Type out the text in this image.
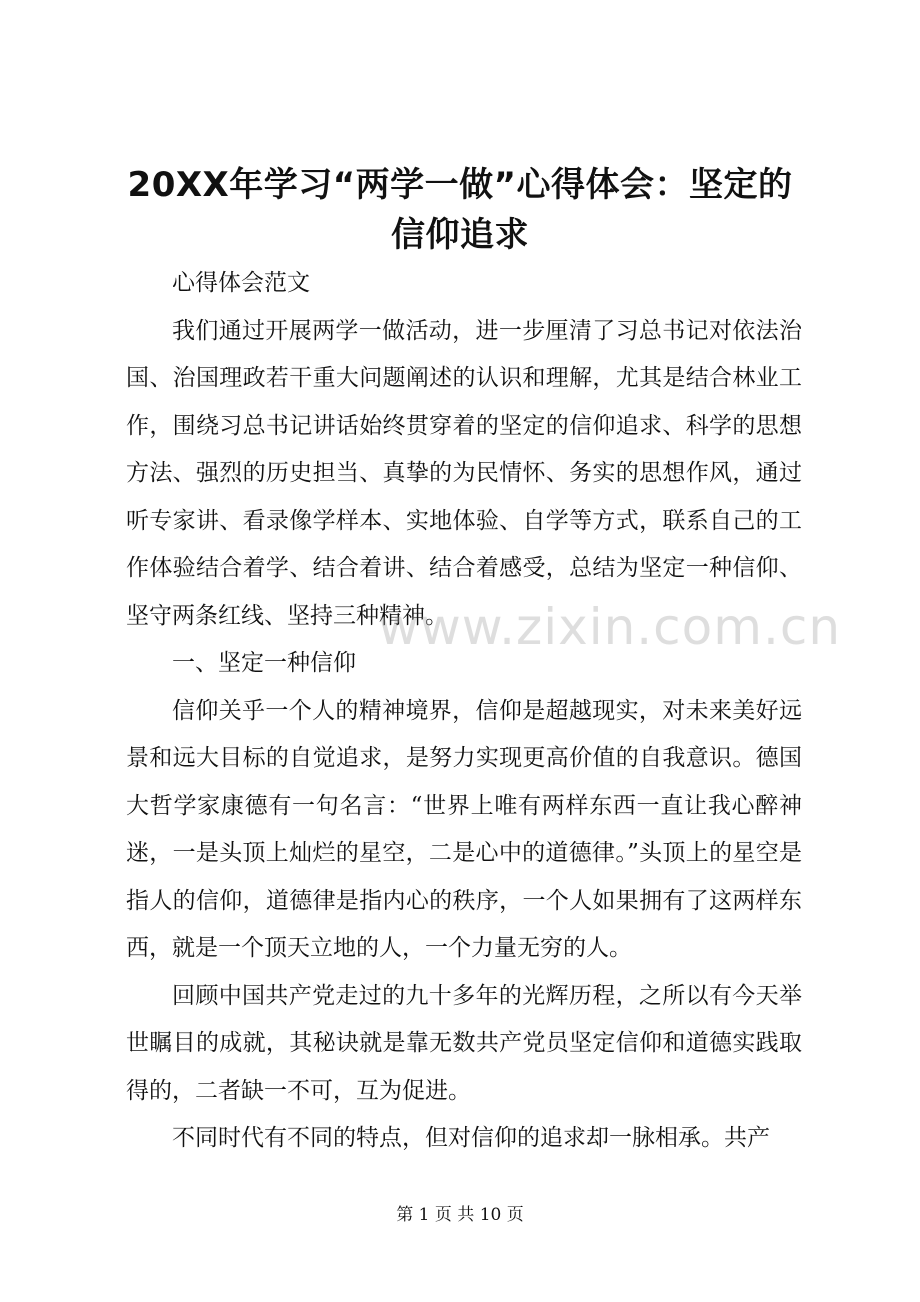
20XX年学习“两学一做”心得体会：坚定的
信仰追求

心得体会范文

我们通过开展两学一做活动，进一步厘清了习总书记对依法治国、治国理政若干重大问题阐述的认识和理解，尤其是结合林业工作，围绕习总书记讲话始终贯穿着的坚定的信仰追求、科学的思想方法、强烈的历史担当、真挚的为民情怀、务实的思想作风，通过听专家讲、看录像学样本、实地体验、自学等方式，联系自己的工作体验结合着学、结合着讲、结合着感受，总结为坚定一种信仰、坚守两条红线、坚持三种精神。

一、坚定一种信仰

信仰关乎一个人的精神境界，信仰是超越现实，对未来美好远景和远大目标的自觉追求，是努力实现更高价值的自我意识。德国大哲学家康德有一句名言：“世界上唯有两样东西一直让我心醉神迷，一是头顶上灿烂的星空，二是心中的道德律。”头顶上的星空是指人的信仰，道德律是指内心的秩序，一个人如果拥有了这两样东西，就是一个顶天立地的人，一个力量无穷的人。

回顾中国共产党走过的九十多年的光辉历程，之所以有今天举世瞩目的成就，其秘诀就是靠无数共产党员坚定信仰和道德实践取得的，二者缺一不可，互为促进。

不同时代有不同的特点，但对信仰的追求却一脉相承。共产

www.zixin.com.cn
第 1 页 共 10 页
